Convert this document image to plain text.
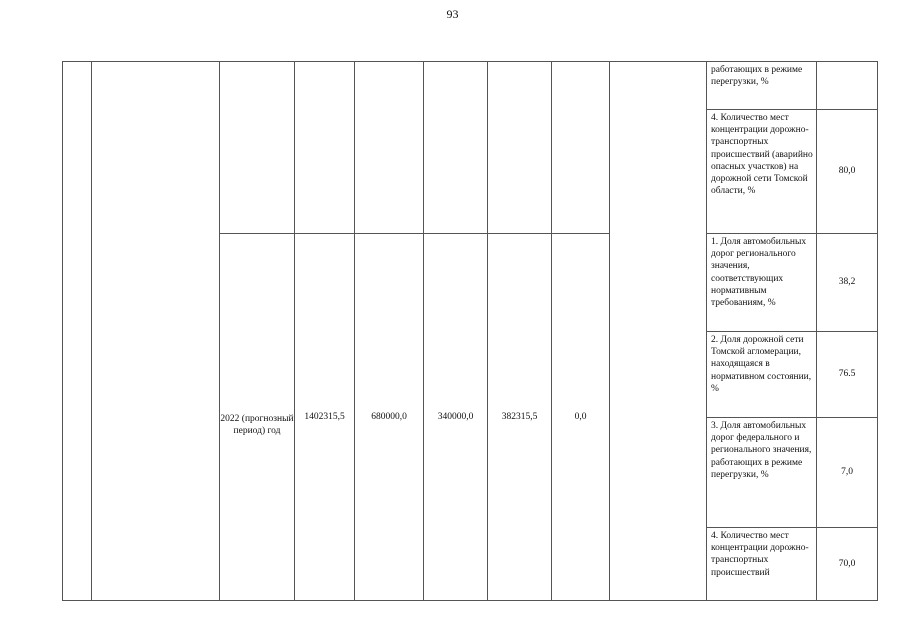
93
									работающих в режиме перегрузки, %	
									4. Количество мест концентрации дорожно-транспортных происшествий (аварийно опасных участков) на дорожной сети Томской области, %	80,0
		2022 (прогнозный период) год	1402315,5	680000,0	340000,0	382315,5	0,0		1. Доля автомобильных дорог регионального значения, соответствующих нормативным требованиям, %	38,2
									2. Доля дорожной сети Томской агломерации, находящаяся в нормативном состоянии, %	76.5
									3. Доля автомобильных дорог федерального и регионального значения, работающих в режиме перегрузки, %	7,0
									4. Количество мест концентрации дорожно-транспортных происшествий	70,0
